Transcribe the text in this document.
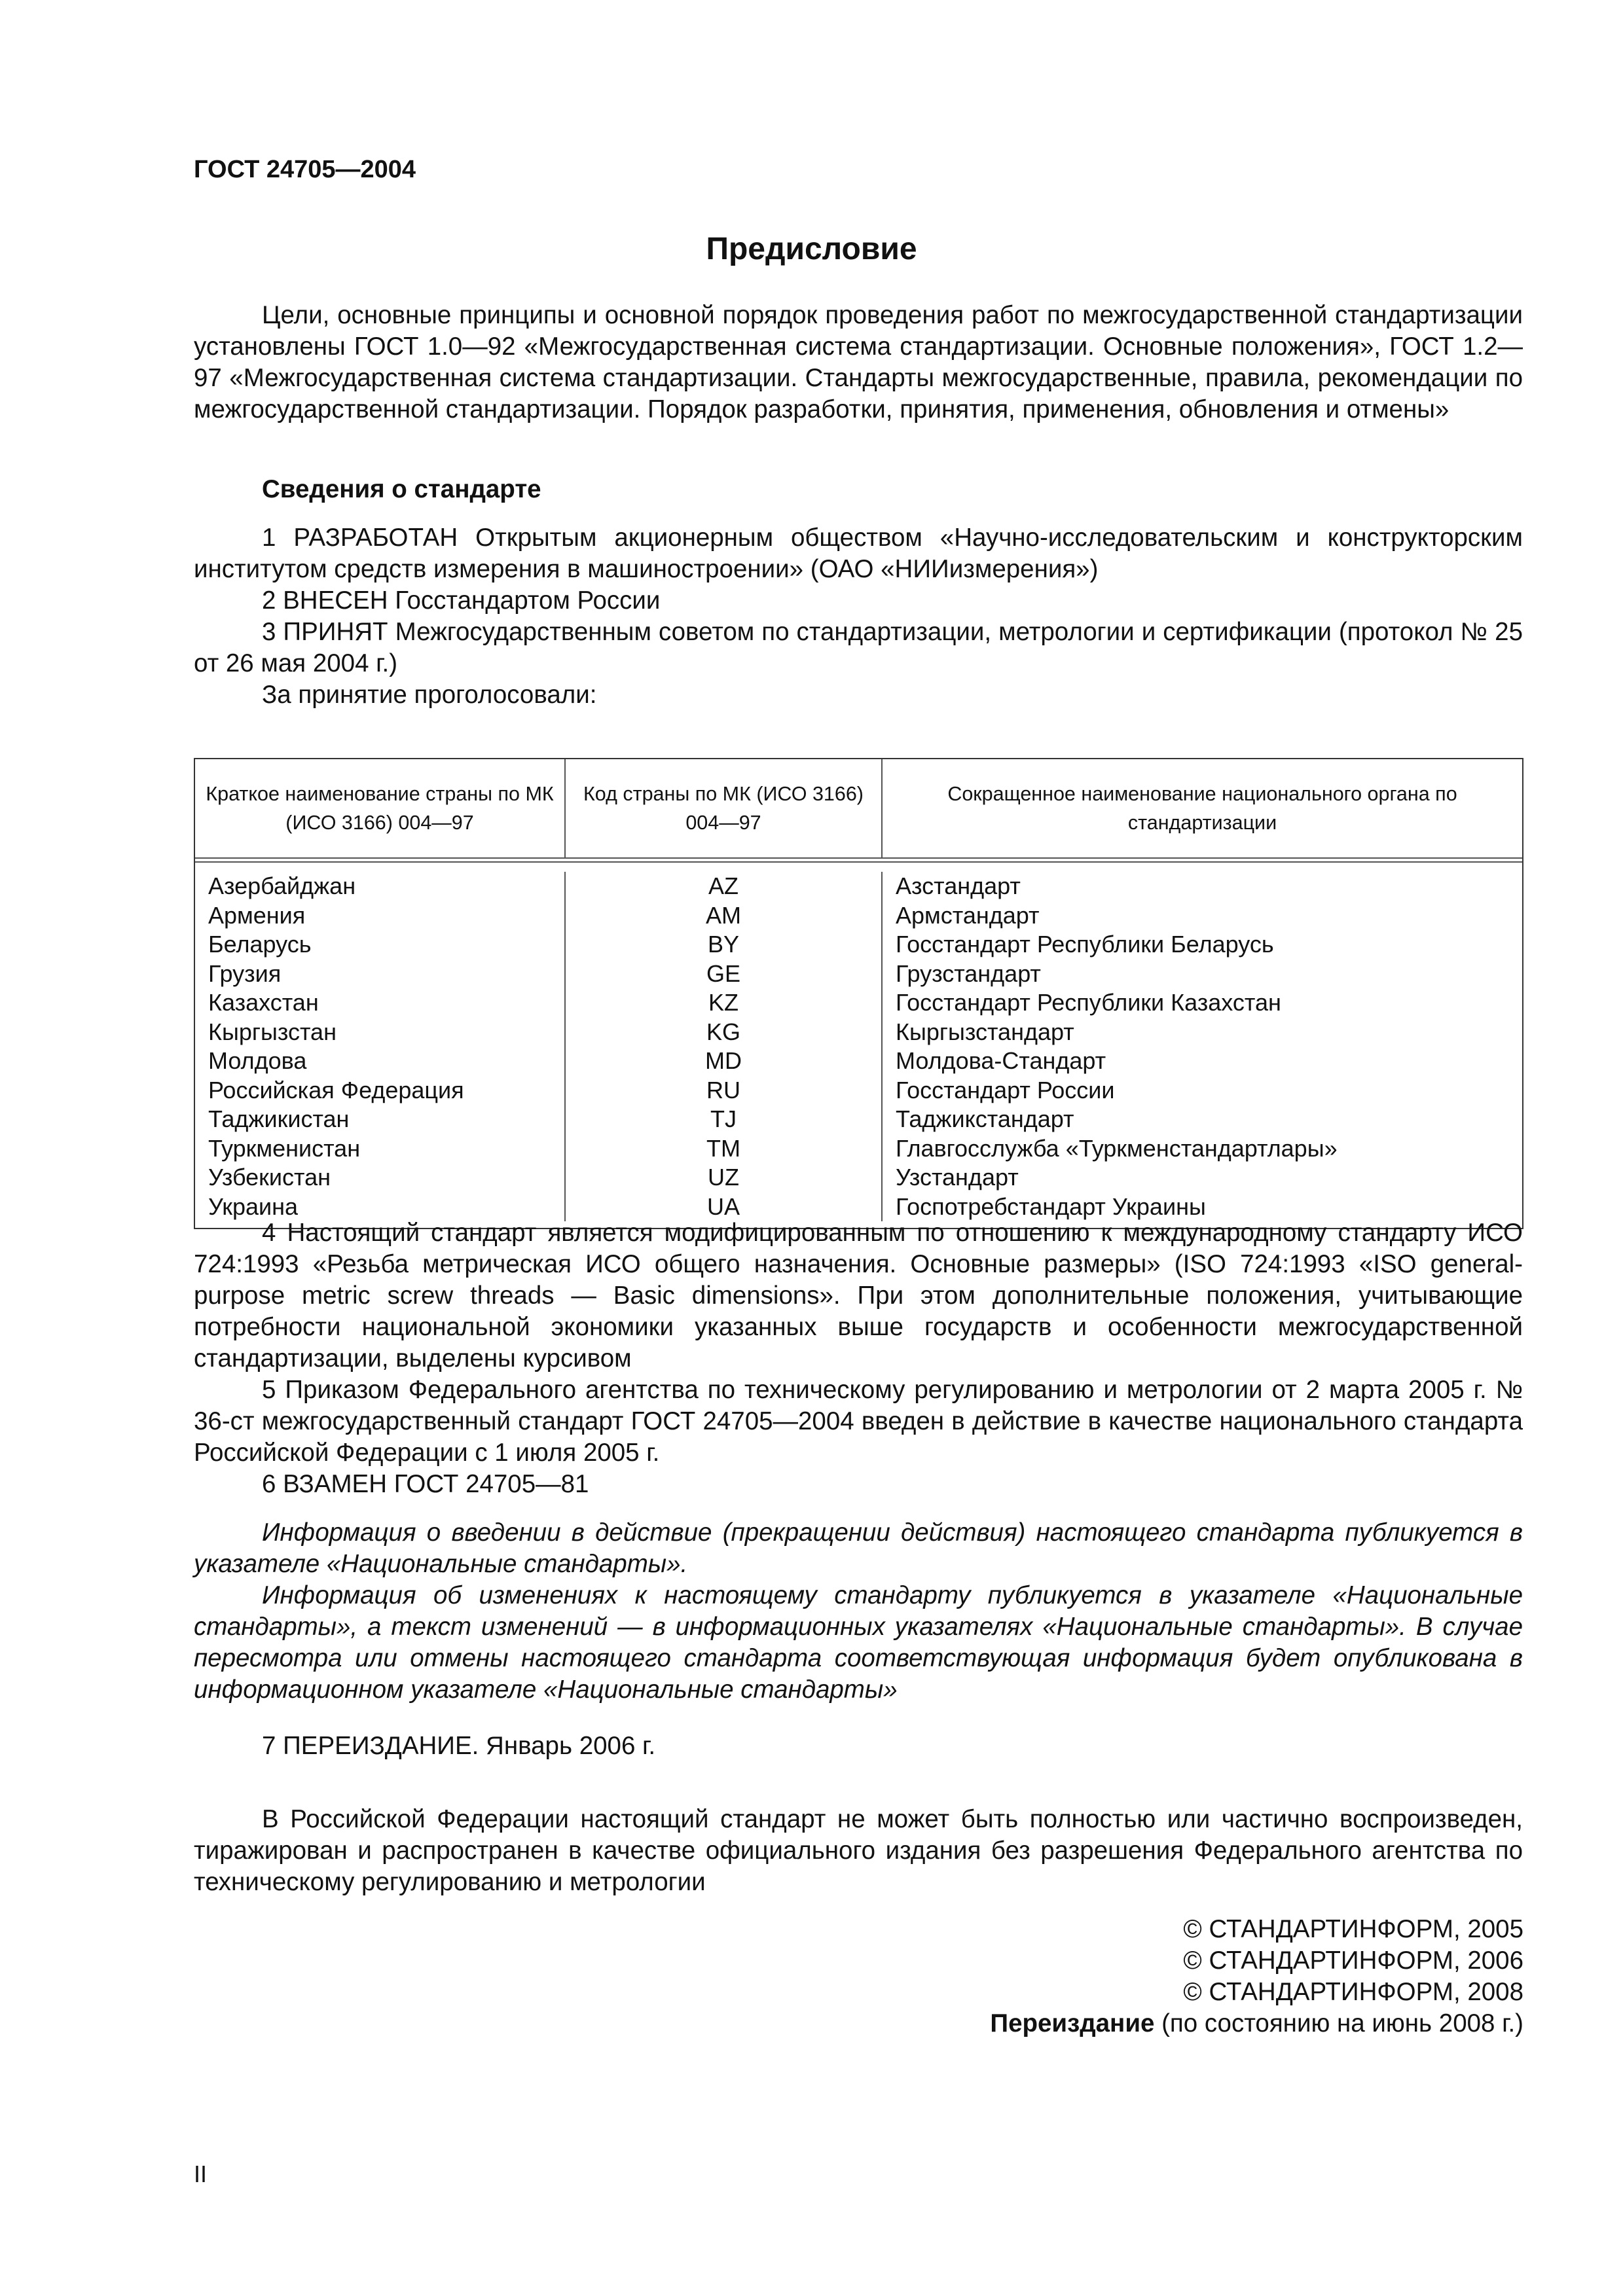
ГОСТ 24705—2004
Предисловие

Цели, основные принципы и основной порядок проведения работ по межгосударственной стандартизации установлены ГОСТ 1.0—92 «Межгосударственная система стандартизации. Основные положения», ГОСТ 1.2—97 «Межгосударственная система стандартизации. Стандарты межгосударственные, правила, рекомендации по межгосударственной стандартизации. Порядок разработки, принятия, применения, обновления и отмены»

Сведения о стандарте

1 РАЗРАБОТАН Открытым акционерным обществом «Научно-исследовательским и конструкторским институтом средств измерения в машиностроении» (ОАО «НИИизмерения»)

2 ВНЕСЕН Госстандартом России

3 ПРИНЯТ Межгосударственным советом по стандартизации, метрологии и сертификации (протокол № 25 от 26 мая 2004 г.)

За принятие проголосовали:

Краткое наименование страны по МК (ИСО 3166) 004—97
Код страны по МК (ИСО 3166) 004—97
Сокращенное наименование национального органа по стандартизации
Азербайджан
Армения
Беларусь
Грузия
Казахстан
Кыргызстан
Молдова
Российская Федерация
Таджикистан
Туркменистан
Узбекистан
Украина
AZ
AM
BY
GE
KZ
KG
MD
RU
TJ
TM
UZ
UA
Азстандарт
Армстандарт
Госстандарт Республики Беларусь
Грузстандарт
Госстандарт Республики Казахстан
Кыргызстандарт
Молдова-Стандарт
Госстандарт России
Таджикстандарт
Главгосслужба «Туркменстандартлары»
Узстандарт
Госпотребстандарт Украины

4 Настоящий стандарт является модифицированным по отношению к международному стандарту ИСО 724:1993 «Резьба метрическая ИСО общего назначения. Основные размеры» (ISO 724:1993 «ISO general-purpose metric screw threads — Basic dimensions». При этом дополнительные положения, учитывающие потребности национальной экономики указанных выше государств и особенности межгосударственной стандартизации, выделены курсивом

5 Приказом Федерального агентства по техническому регулированию и метрологии от 2 марта 2005 г. № 36-ст межгосударственный стандарт ГОСТ 24705—2004 введен в действие в качестве национального стандарта Российской Федерации с 1 июля 2005 г.

6 ВЗАМЕН ГОСТ 24705—81

Информация о введении в действие (прекращении действия) настоящего стандарта публикуется в указателе «Национальные стандарты».

Информация об изменениях к настоящему стандарту публикуется в указателе «Национальные стандарты», а текст изменений — в информационных указателях «Национальные стандарты». В случае пересмотра или отмены настоящего стандарта соответствующая информация будет опубликована в информационном указателе «Национальные стандарты»

7 ПЕРЕИЗДАНИЕ. Январь 2006 г.

В Российской Федерации настоящий стандарт не может быть полностью или частично воспроизведен, тиражирован и распространен в качестве официального издания без разрешения Федерального агентства по техническому регулированию и метрологии

© СТАНДАРТИНФОРМ, 2005
© СТАНДАРТИНФОРМ, 2006
© СТАНДАРТИНФОРМ, 2008
Переиздание (по состоянию на июнь 2008 г.)
II
